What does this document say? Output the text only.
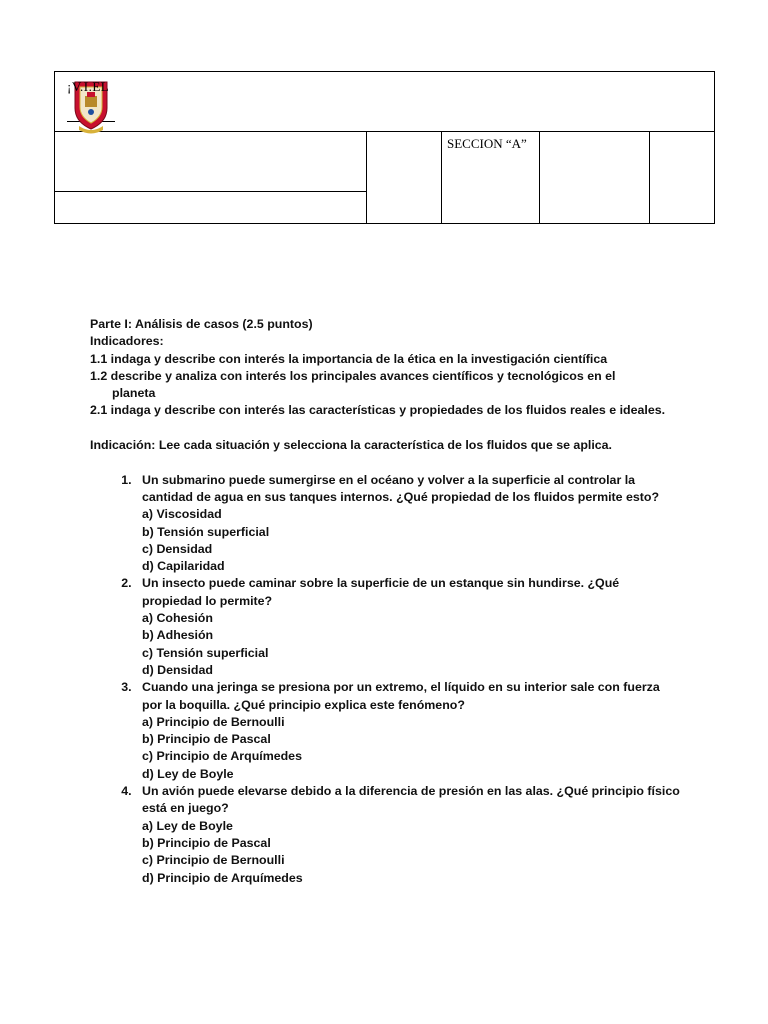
¡V.I.EL
SECCION “A”

Parte I: Análisis de casos (2.5 puntos)

Indicadores:

1.1 indaga y describe con interés la importancia de la ética en la investigación científica

1.2 describe y analiza con interés los principales avances científicos y tecnológicos en el

planeta

2.1 indaga y describe con interés las características y propiedades de los fluidos reales e ideales.

Indicación: Lee cada situación y selecciona la característica de los fluidos que se aplica.

1. Un submarino puede sumergirse en el océano y volver a la superficie al controlar la cantidad de agua en sus tanques internos. ¿Qué propiedad de los fluidos permite esto?
a) Viscosidad
b) Tensión superficial
c) Densidad
d) Capilaridad
2. Un insecto puede caminar sobre la superficie de un estanque sin hundirse. ¿Qué propiedad lo permite?
a) Cohesión
b) Adhesión
c) Tensión superficial
d) Densidad
3. Cuando una jeringa se presiona por un extremo, el líquido en su interior sale con fuerza por la boquilla. ¿Qué principio explica este fenómeno?
a) Principio de Bernoulli
b) Principio de Pascal
c) Principio de Arquímedes
d) Ley de Boyle
4. Un avión puede elevarse debido a la diferencia de presión en las alas. ¿Qué principio físico está en juego?
a) Ley de Boyle
b) Principio de Pascal
c) Principio de Bernoulli
d) Principio de Arquímedes
